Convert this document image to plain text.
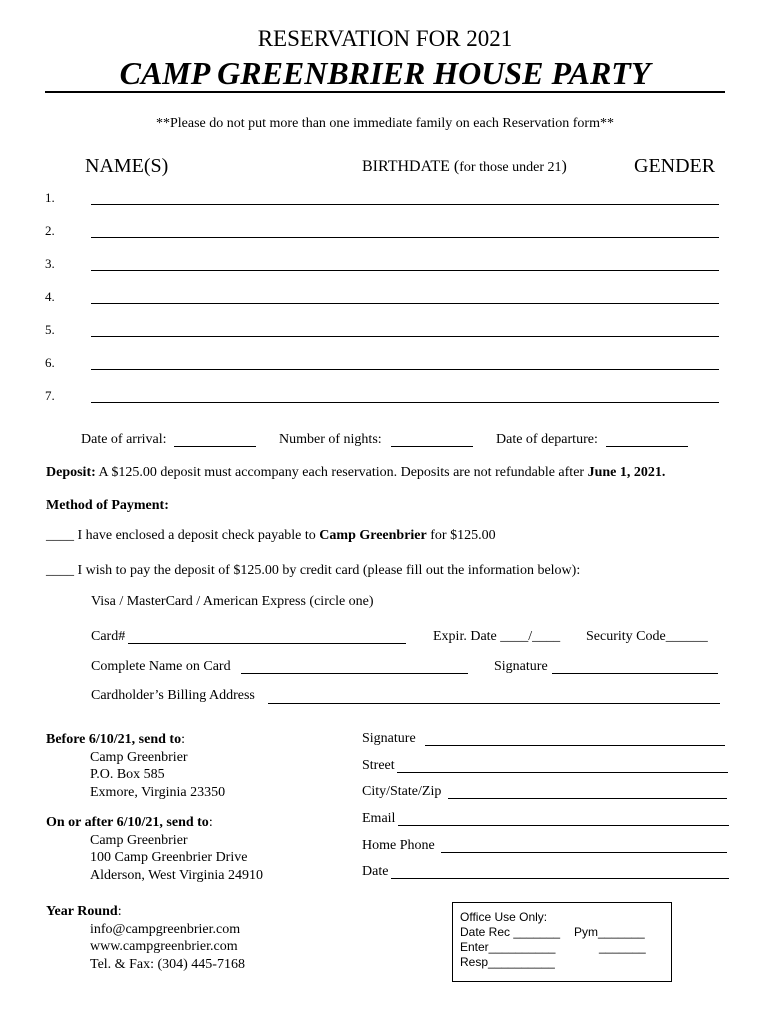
RESERVATION FOR 2021
CAMP GREENBRIER HOUSE PARTY
**Please do not put more than one immediate family on each Reservation form**
NAME(S)	BIRTHDATE (for those under 21)	GENDER
1.
2.
3.
4.
5.
6.
7.
Date of arrival:	Number of nights:	Date of departure:
Deposit: A $125.00 deposit must accompany each reservation. Deposits are not refundable after June 1, 2021.
Method of Payment:
____ I have enclosed a deposit check payable to Camp Greenbrier for $125.00
____ I wish to pay the deposit of $125.00 by credit card (please fill out the information below):
Visa / MasterCard / American Express (circle one)
Card#	Expir. Date ____/____ Security Code______
Complete Name on Card	Signature
Cardholder’s Billing Address
Before 6/10/21, send to:
Camp Greenbrier
P.O. Box 585
Exmore, Virginia 23350
On or after 6/10/21, send to:
Camp Greenbrier
100 Camp Greenbrier Drive
Alderson, West Virginia 24910
Year Round:
info@campgreenbrier.com
www.campgreenbrier.com
Tel. & Fax: (304) 445-7168
Signature
Street
City/State/Zip
Email
Home Phone
Date
Office Use Only:
Date Rec _______ Pym_______
Enter__________	_______
Resp__________
